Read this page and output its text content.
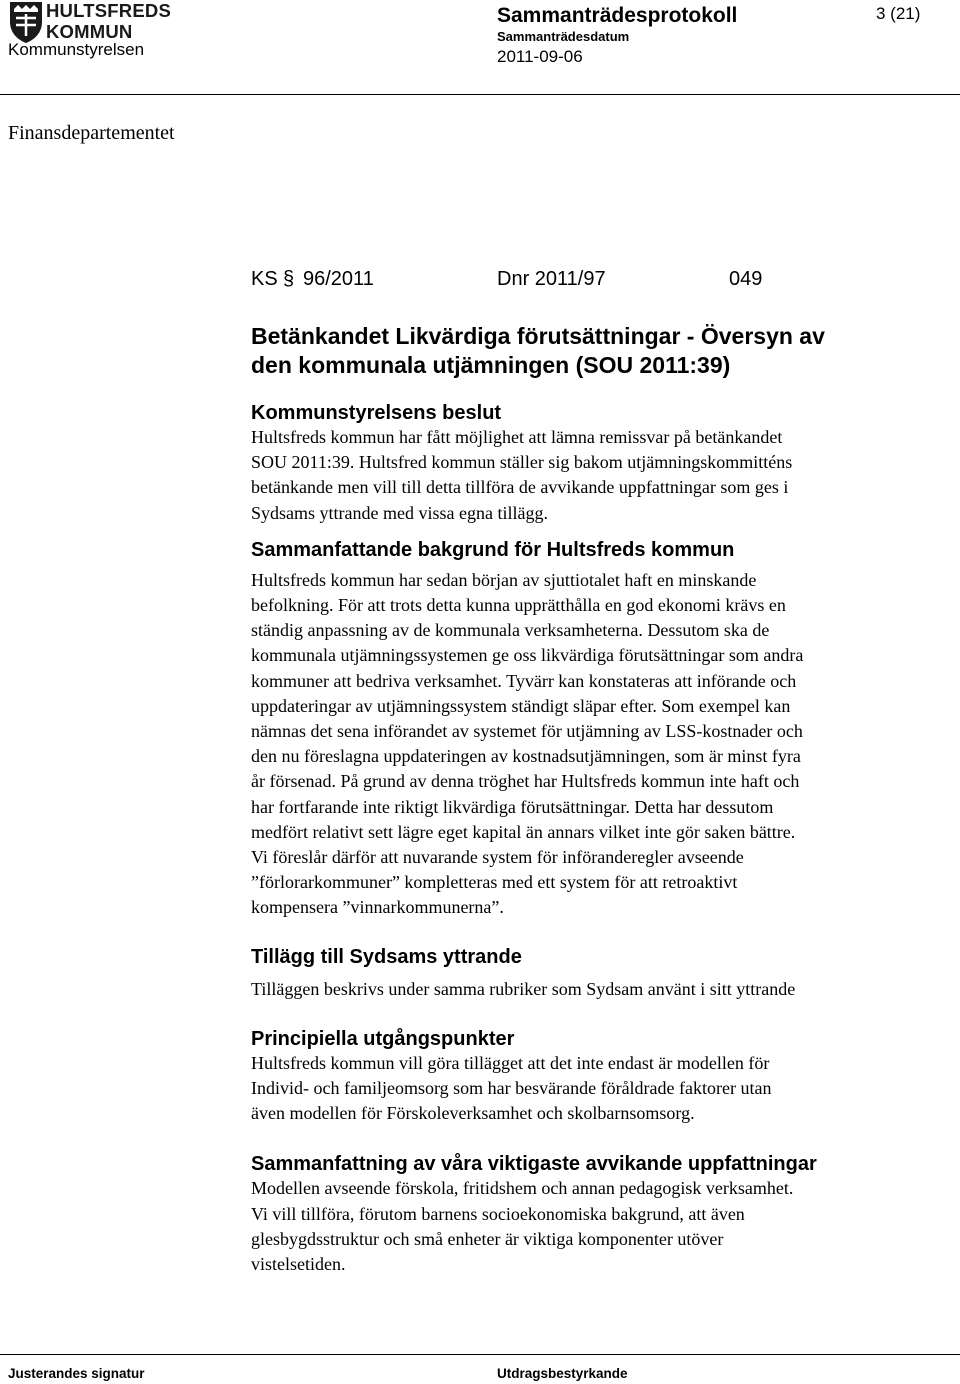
HULTSFREDS
KOMMUN
Kommunstyrelsen
Sammanträdesprotokoll
Sammanträdesdatum
2011-09-06
3 (21)
Finansdepartementet
KS § 96/2011	Dnr 2011/97	049
Betänkandet Likvärdiga förutsättningar - Översyn av
den kommunala utjämningen (SOU 2011:39)
Kommunstyrelsens beslut

Hultsfreds kommun har fått möjlighet att lämna remissvar på betänkandet
SOU 2011:39. Hultsfred kommun ställer sig bakom utjämningskommitténs
betänkande men vill till detta tillföra de avvikande uppfattningar som ges i
Sydsams yttrande med vissa egna tillägg.

Sammanfattande bakgrund för Hultsfreds kommun

Hultsfreds kommun har sedan början av sjuttiotalet haft en minskande
befolkning. För att trots detta kunna upprätthålla en god ekonomi krävs en
ständig anpassning av de kommunala verksamheterna. Dessutom ska de
kommunala utjämningssystemen ge oss likvärdiga förutsättningar som andra
kommuner att bedriva verksamhet. Tyvärr kan konstateras att införande och
uppdateringar av utjämningssystem ständigt släpar efter. Som exempel kan
nämnas det sena införandet av systemet för utjämning av LSS-kostnader och
den nu föreslagna uppdateringen av kostnadsutjämningen, som är minst fyra
år försenad. På grund av denna tröghet har Hultsfreds kommun inte haft och
har fortfarande inte riktigt likvärdiga förutsättningar. Detta har dessutom
medfört relativt sett lägre eget kapital än annars vilket inte gör saken bättre.
Vi föreslår därför att nuvarande system för införanderegler avseende
”förlorarkommuner” kompletteras med ett system för att retroaktivt
kompensera ”vinnarkommunerna”.

Tillägg till Sydsams yttrande

Tilläggen beskrivs under samma rubriker som Sydsam använt i sitt yttrande

Principiella utgångspunkter

Hultsfreds kommun vill göra tillägget att det inte endast är modellen för
Individ- och familjeomsorg som har besvärande föråldrade faktorer utan
även modellen för Förskoleverksamhet och skolbarnsomsorg.

Sammanfattning av våra viktigaste avvikande uppfattningar

Modellen avseende förskola, fritidshem och annan pedagogisk verksamhet.
Vi vill tillföra, förutom barnens socioekonomiska bakgrund, att även
glesbygdsstruktur och små enheter är viktiga komponenter utöver
vistelsetiden.

Justerandes signatur	Utdragsbestyrkande
